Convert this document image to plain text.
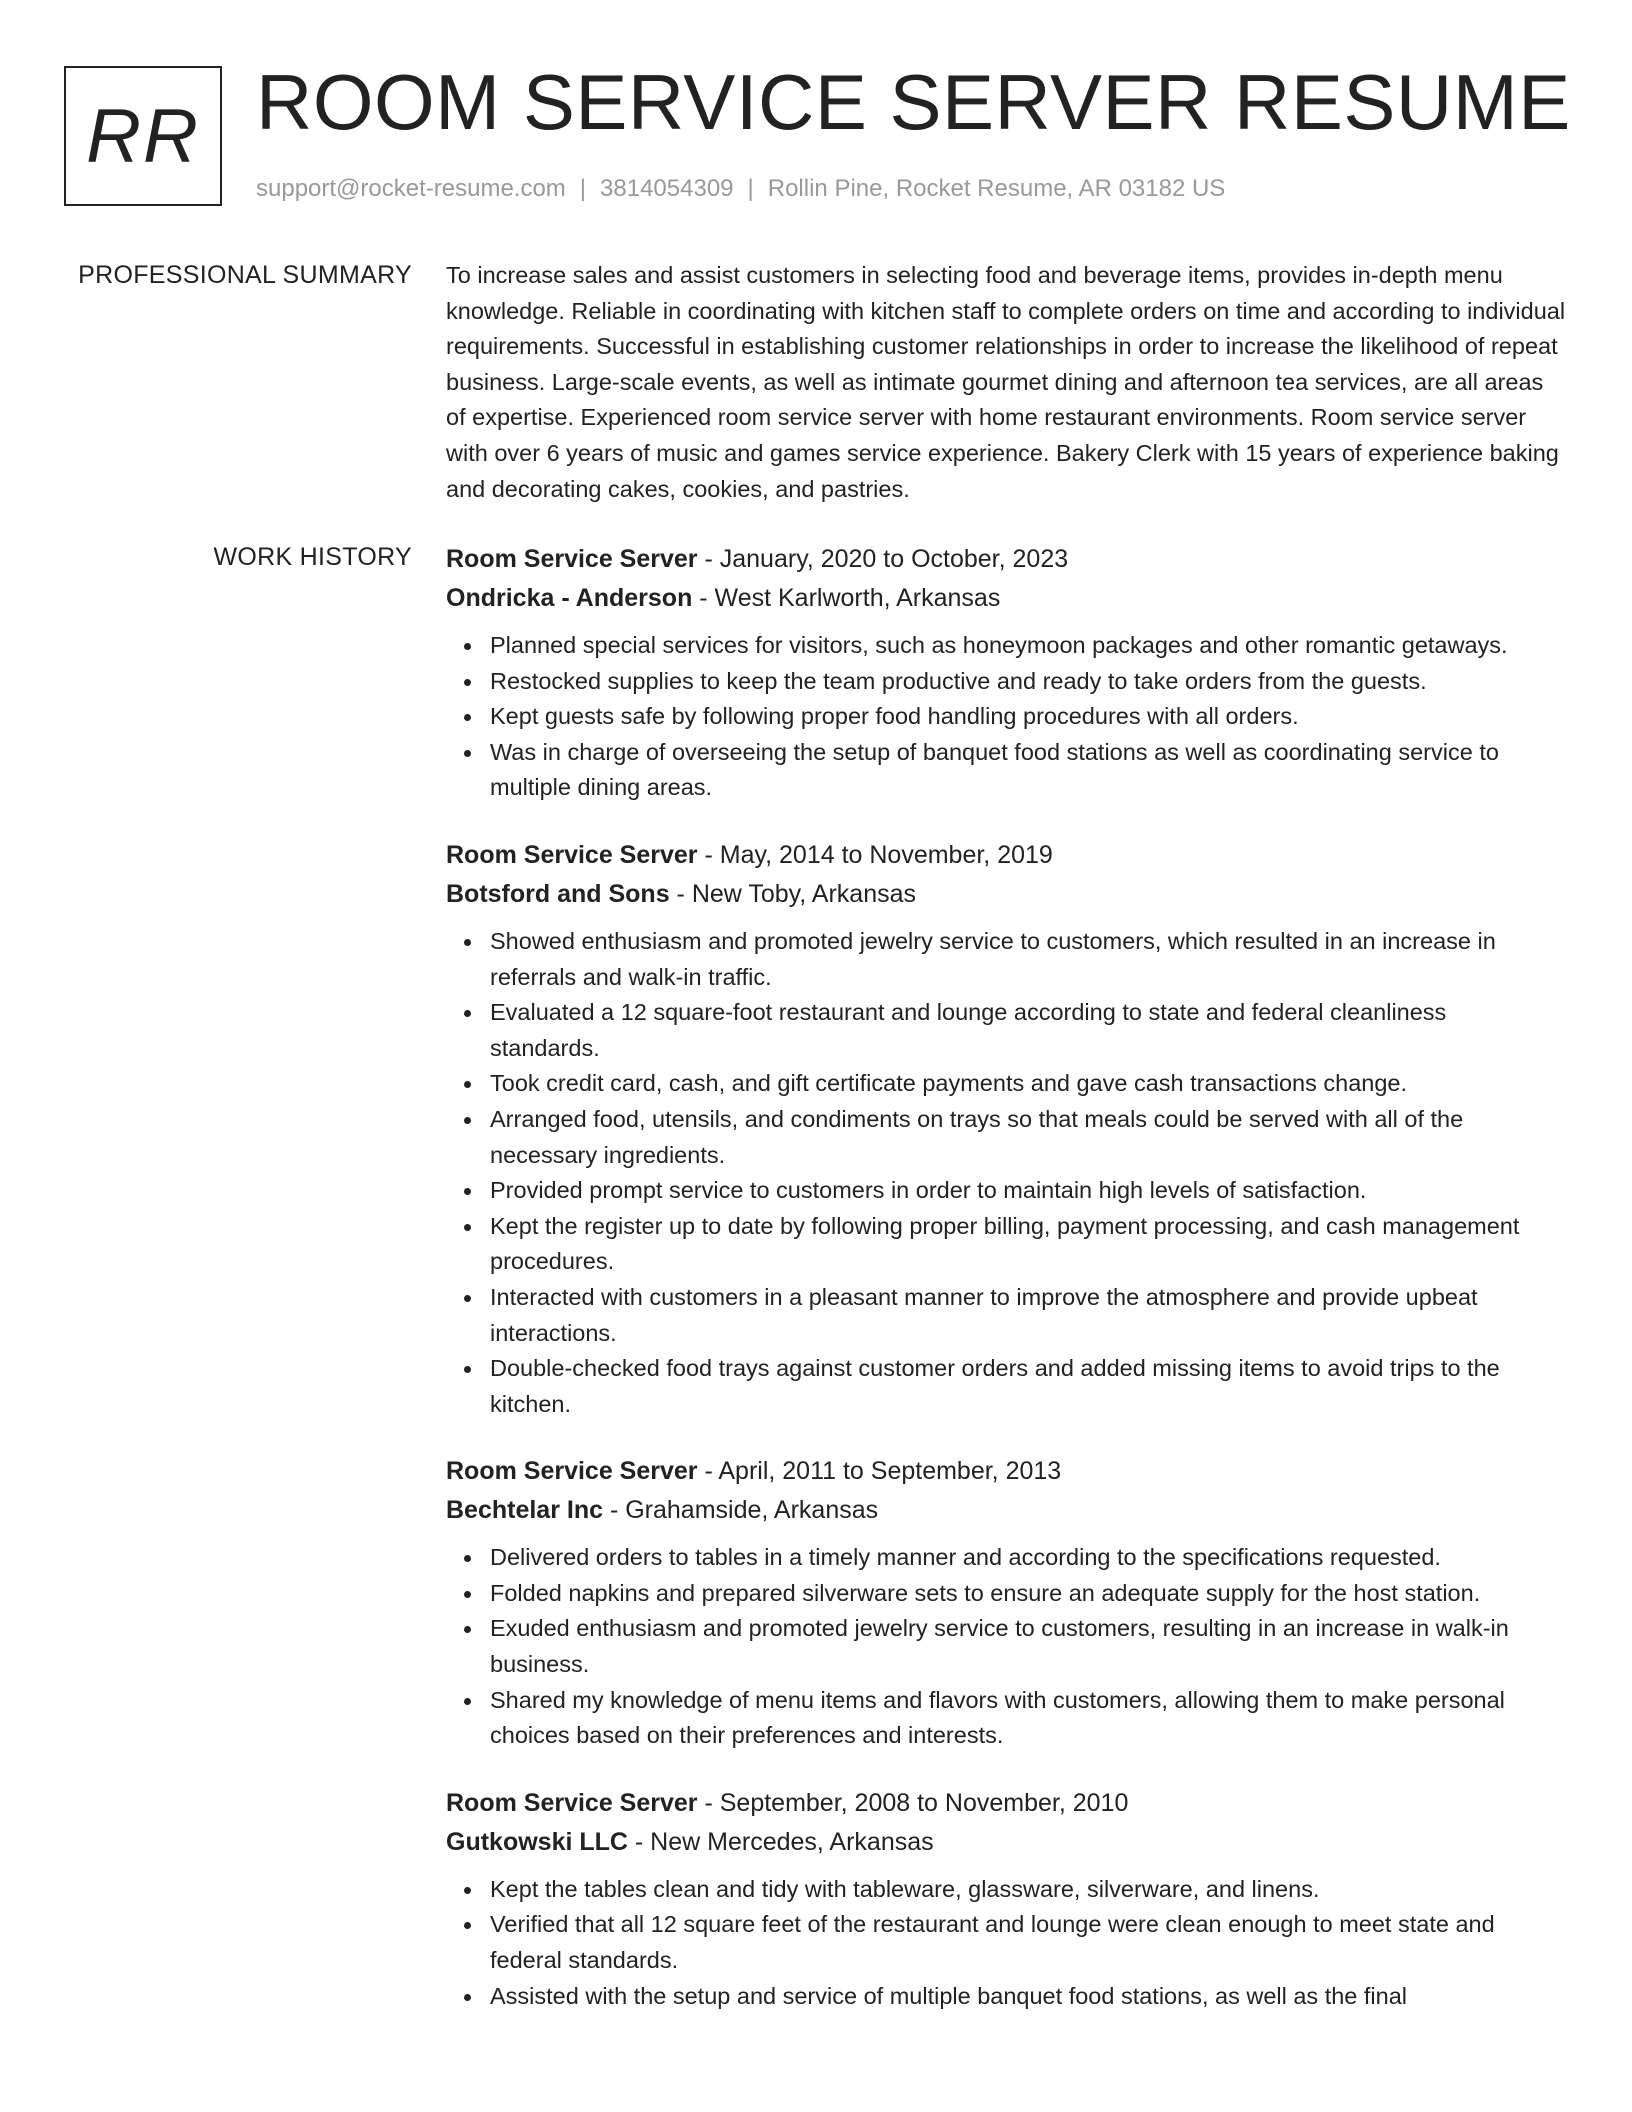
RR ROOM SERVICE SERVER RESUME
support@rocket-resume.com | 3814054309 | Rollin Pine, Rocket Resume, AR 03182 US
PROFESSIONAL SUMMARY To increase sales and assist customers in selecting food and beverage items, provides in-depth menu knowledge. Reliable in coordinating with kitchen staff to complete orders on time and according to individual requirements. Successful in establishing customer relationships in order to increase the likelihood of repeat business. Large-scale events, as well as intimate gourmet dining and afternoon tea services, are all areas of expertise. Experienced room service server with home restaurant environments. Room service server with over 6 years of music and games service experience. Bakery Clerk with 15 years of experience baking and decorating cakes, cookies, and pastries.

WORK HISTORY Room Service Server - January, 2020 to October, 2023
Ondricka - Anderson - West Karlworth, Arkansas
Planned special services for visitors, such as honeymoon packages and other romantic getaways.
Restocked supplies to keep the team productive and ready to take orders from the guests.
Kept guests safe by following proper food handling procedures with all orders.
Was in charge of overseeing the setup of banquet food stations as well as coordinating service to multiple dining areas.
Room Service Server - May, 2014 to November, 2019
Botsford and Sons - New Toby, Arkansas
Showed enthusiasm and promoted jewelry service to customers, which resulted in an increase in referrals and walk-in traffic.
Evaluated a 12 square-foot restaurant and lounge according to state and federal cleanliness standards.
Took credit card, cash, and gift certificate payments and gave cash transactions change.
Arranged food, utensils, and condiments on trays so that meals could be served with all of the necessary ingredients.
Provided prompt service to customers in order to maintain high levels of satisfaction.
Kept the register up to date by following proper billing, payment processing, and cash management procedures.
Interacted with customers in a pleasant manner to improve the atmosphere and provide upbeat interactions.
Double-checked food trays against customer orders and added missing items to avoid trips to the kitchen.
Room Service Server - April, 2011 to September, 2013
Bechtelar Inc - Grahamside, Arkansas
Delivered orders to tables in a timely manner and according to the specifications requested.
Folded napkins and prepared silverware sets to ensure an adequate supply for the host station.
Exuded enthusiasm and promoted jewelry service to customers, resulting in an increase in walk-in business.
Shared my knowledge of menu items and flavors with customers, allowing them to make personal choices based on their preferences and interests.
Room Service Server - September, 2008 to November, 2010
Gutkowski LLC - New Mercedes, Arkansas
Kept the tables clean and tidy with tableware, glassware, silverware, and linens.
Verified that all 12 square feet of the restaurant and lounge were clean enough to meet state and federal standards.
Assisted with the setup and service of multiple banquet food stations, as well as the final
